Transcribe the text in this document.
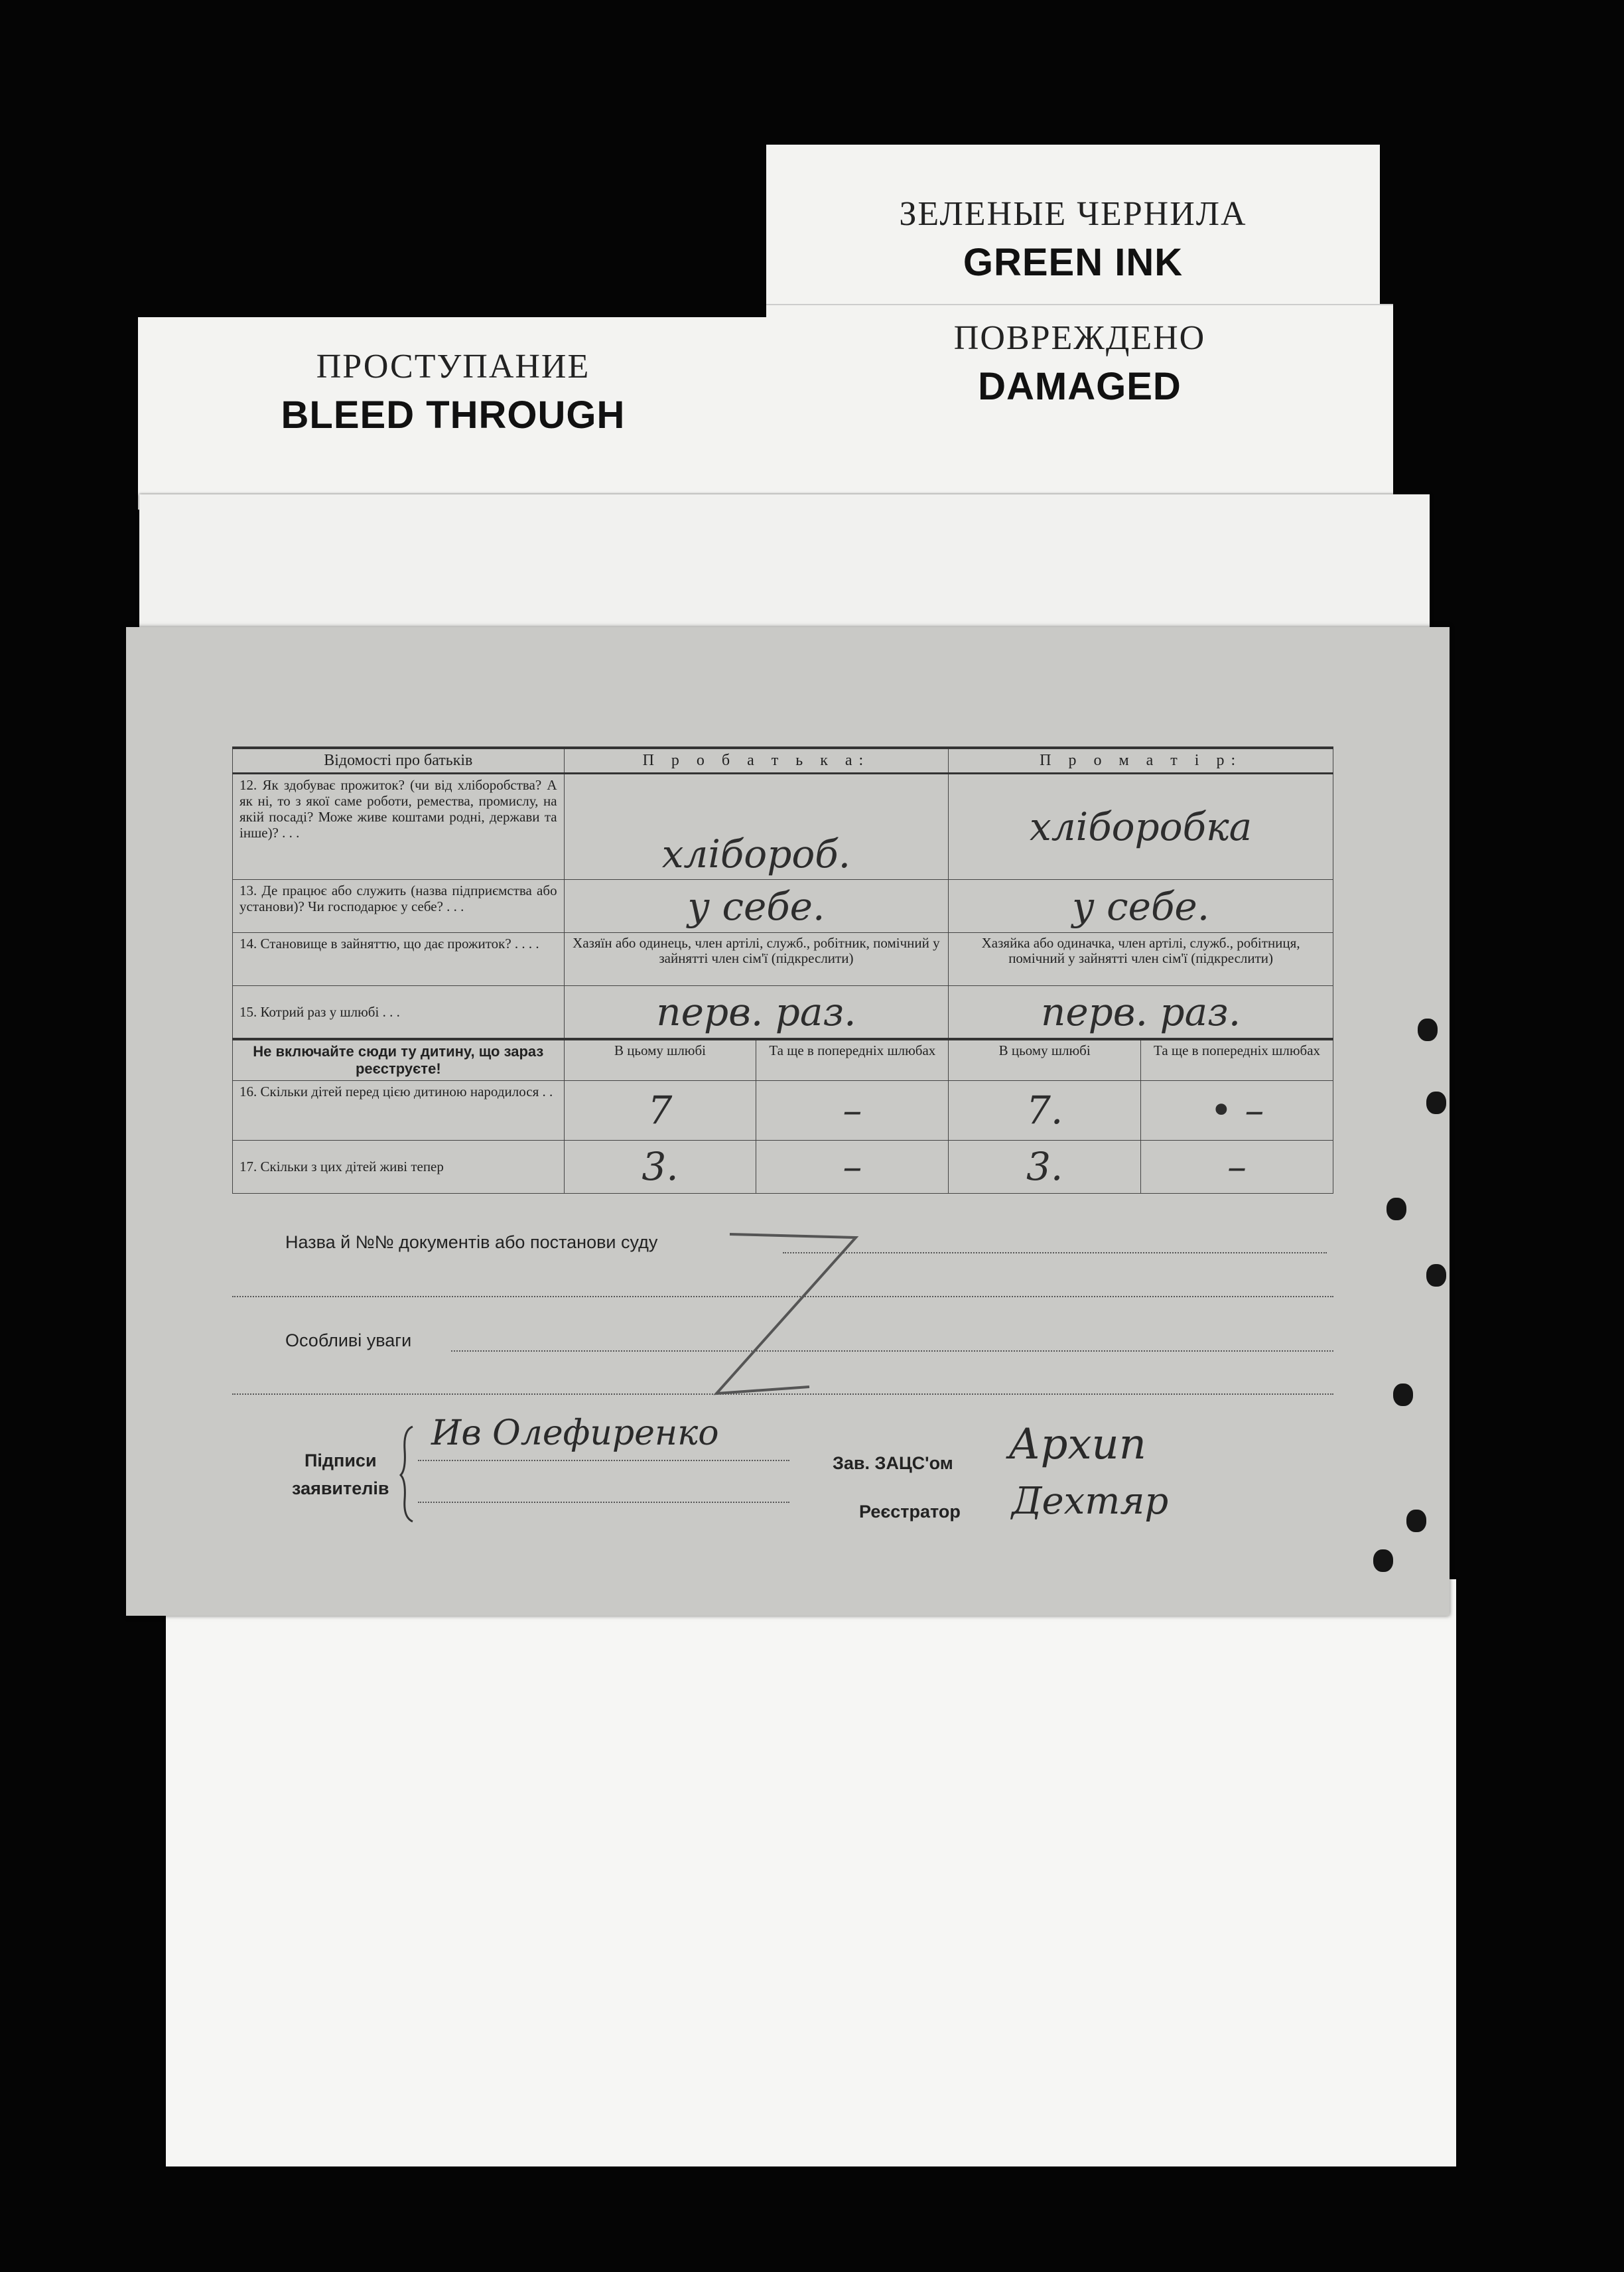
ЗЕЛЕНЫЕ ЧЕРНИЛА
GREEN INK
ПОВРЕЖДЕНО
DAMAGED
ПРОСТУПАНИЕ
BLEED THROUGH
Відомості про батьків	П р о б а т ь к а:		П р о м а т і р:	
12. Як здобуває прожиток? (чи від хліборобства? А як ні, то з якої саме роботи, ремества, промислу, на якій посаді? Може живе коштами родні, держави та інше)? . . .	хлібороб.		хліборобка	
13. Де працює або служить (назва підприємства або установи)? Чи господарює у себе? . . .	у себе.		у себе.	
14. Становище в зайняттю, що дає прожиток? . . . .	Хазяїн або одинець, член артілі, служб., робітник, помічний у зайнятті член сім'ї (підкреслити)		Хазяйка або одиначка, член артілі, служб., робітниця, помічний у зайнятті член сім'ї (підкреслити)	
15. Котрий раз у шлюбі . . .	перв. раз.		перв. раз.	
Не включайте сюди ту дитину, що зараз реєструєте!	В цьому шлюбі	Та ще в попередніх шлюбах	В цьому шлюбі	Та ще в попередніх шлюбах
16. Скільки дітей перед цією дитиною народилося . .	7	–	7.	• –
17. Скільки з цих дітей живі тепер	3.	–	3.	–
Назва й №№ документів або постанови суду
Особливі уваги
Підписи
заявителів
Ив Олефиренко
Зав. ЗАЦС'ом Архип
Реєстратор Дехтяр
